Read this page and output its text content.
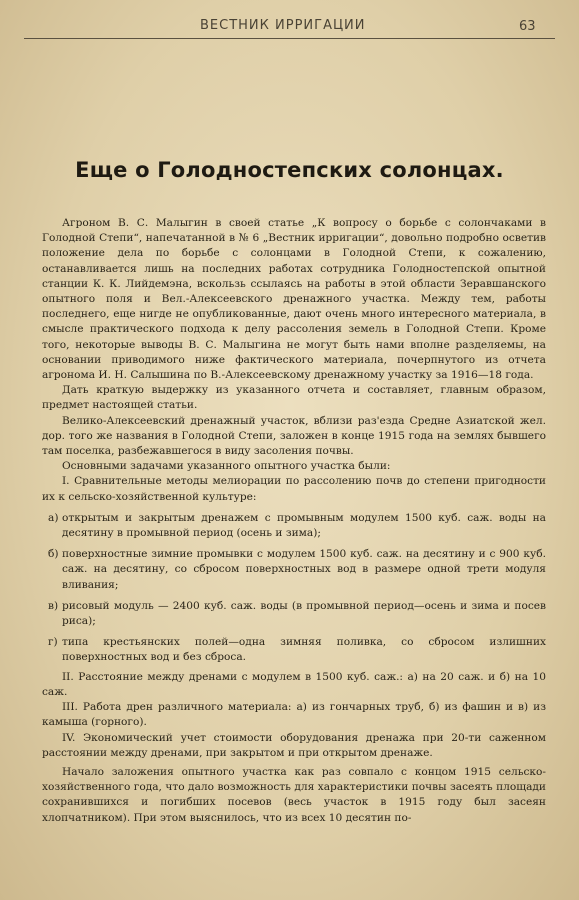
ВЕСТНИК ИРРИГАЦИИ	63
Еще о Голодностепских солонцах.

Агроном В. С. Малыгин в своей статье „К вопросу о борьбе с солончаками в Голодной Степи“, напечатанной в № 6 „Вестник ирригации“, довольно подробно осветив положение дела по борьбе с солонцами в Голодной Степи, к сожалению, останавливается лишь на последних работах сотрудника Голодностепской опытной станции К. К. Лийдемэна, вскользь ссылаясь на работы в этой области Зеравшанского опытного поля и Вел.-Алексеевского дренажного участка. Между тем, работы последнего, еще нигде не опубликованные, дают очень много интересного материала, в смысле практического подхода к делу рассоления земель в Голодной Степи. Кроме того, некоторые выводы В. С. Малыгина не могут быть нами вполне разделяемы, на основании приводимого ниже фактического материала, почерпнутого из отчета агронома И. Н. Салышина по В.-Алексеевскому дренажному участку за 1916—18 года.

Дать краткую выдержку из указанного отчета и составляет, главным образом, предмет настоящей статьи.

Велико-Алексеевский дренажный участок, вблизи раз'езда Средне Азиатской жел. дор. того же названия в Голодной Степи, заложен в конце 1915 года на землях бывшего там поселка, разбежавшегося в виду засоления почвы.

Основными задачами указанного опытного участка были:

I. Сравнительные методы мелиорации по рассолению почв до степени пригодности их к сельско-хозяйственной культуре:

а) открытым и закрытым дренажем с промывным модулем 1500 куб. саж. воды на десятину в промывной период (осень и зима);

б) поверхностные зимние промывки с модулем 1500 куб. саж. на десятину и с 900 куб. саж. на десятину, со сбросом поверхностных вод в размере одной трети модуля вливания;

в) рисовый модуль — 2400 куб. саж. воды (в промывной период—осень и зима и посев риса);

г) типа крестьянских полей—одна зимняя поливка, со сбросом излишних поверхностных вод и без сброса.

II. Расстояние между дренами с модулем в 1500 куб. саж.: а) на 20 саж. и б) на 10 саж.

III. Работа дрен различного материала: а) из гончарных труб, б) из фашин и в) из камыша (горного).

IV. Экономический учет стоимости оборудования дренажа при 20-ти саженном расстоянии между дренами, при закрытом и при открытом дренаже.

Начало заложения опытного участка как раз совпало с концом 1915 сельско-хозяйственного года, что дало возможность для характеристики почвы засеять площади сохранившихся и погибших посевов (весь участок в 1915 году был засеян хлопчатником). При этом выяснилось, что из всех 10 десятин по-
